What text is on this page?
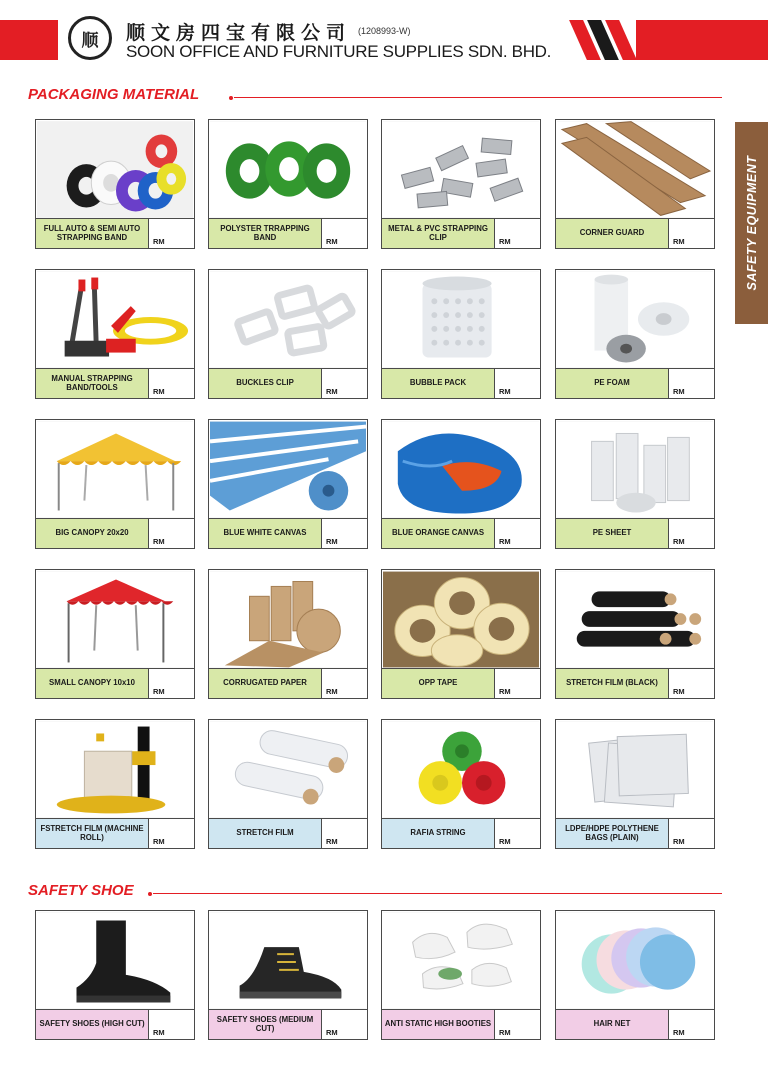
顺 顺文房四宝有限公司 (1208993-W)
SOON OFFICE AND FURNITURE SUPPLIES SDN. BHD.
PACKAGING MATERIAL
SAFETY SHOE
SAFETY EQUIPMENT
FULL AUTO & SEMI AUTO STRAPPING BAND	RM
POLYSTER TRRAPPING BAND	RM
METAL & PVC STRAPPING CLIP	RM
CORNER GUARD
RM
MANUAL STRAPPING BAND/TOOLS	RM
BUCKLES CLIP
RM
BUBBLE PACK
RM
PE FOAM
RM
BIG CANOPY 20x20
RM
BLUE WHITE CANVAS
RM
BLUE ORANGE CANVAS
RM
PE SHEET
RM
SMALL CANOPY 10x10
RM
CORRUGATED PAPER
RM
OPP TAPE
RM
STRETCH FILM (BLACK)
RM
FSTRETCH FILM (MACHINE ROLL)	RM
STRETCH FILM
RM
RAFIA STRING
RM
LDPE/HDPE POLYTHENE BAGS (PLAIN)	RM
SAFETY SHOES (HIGH CUT)
RM
SAFETY SHOES (MEDIUM CUT)	RM
ANTI STATIC HIGH BOOTIES
RM
HAIR NET
RM
